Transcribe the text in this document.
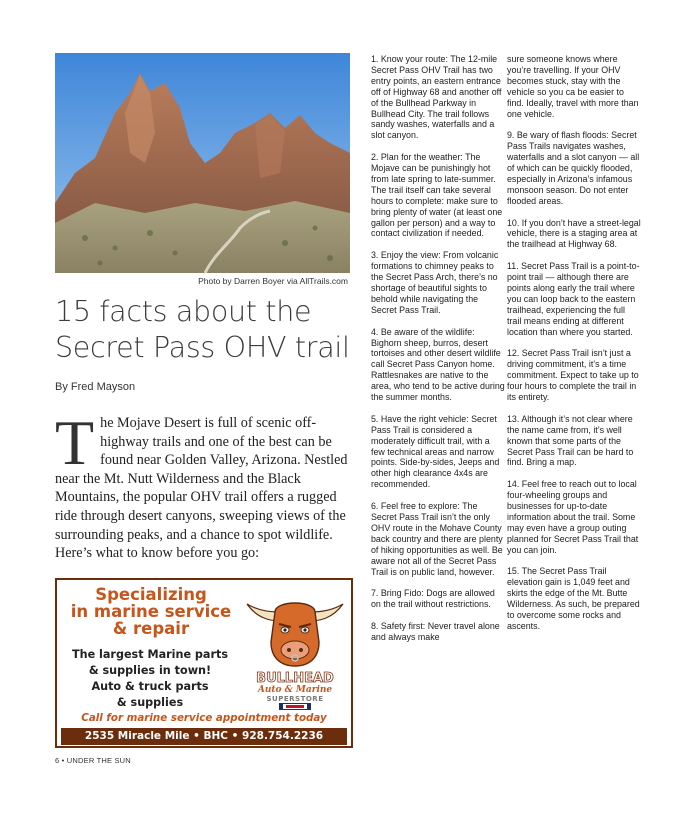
Photo by Darren Boyer via AllTrails.com
15 facts about the
Secret Pass OHV trail
By Fred Mayson
T he Mojave Desert is full of scenic off-highway trails and one of the best can be found near Golden Valley, Arizona. Nestled near the Mt. Nutt Wilderness and the Black Mountains, the popular OHV trail offers a rugged ride through desert canyons, sweeping views of the surrounding peaks, and a chance to spot wildlife. Here’s what to know before you go:
Specializing
in marine service
& repair
The largest Marine parts
& supplies in town!
Auto & truck parts
& supplies
BULLHEAD
Auto & Marine
SUPERSTORE
Call for marine service appointment today
2535 Miracle Mile • BHC • 928.754.2236
6 • UNDER THE SUN

1. Know your route: The 12-mile Secret Pass OHV Trail has two entry points, an eastern entrance off of Highway 68 and another off of the Bullhead Parkway in Bullhead City. The trail follows sandy washes, waterfalls and a slot canyon.

2. Plan for the weather: The Mojave can be punishingly hot from late spring to late-summer. The trail itself can take several hours to complete: make sure to bring plenty of water (at least one gallon per person) and a way to contact civilization if needed.

3. Enjoy the view: From volcanic formations to chimney peaks to the Secret Pass Arch, there’s no shortage of beautiful sights to behold while navigating the Secret Pass Trail.

4. Be aware of the wildlife: Bighorn sheep, burros, desert tortoises and other desert wildlife call Secret Pass Canyon home. Rattlesnakes are native to the area, who tend to be active during the summer months.

5. Have the right vehicle: Secret Pass Trail is considered a moderately difficult trail, with a few technical areas and narrow points. Side-by-sides, Jeeps and other high clearance 4x4s are recommended.

6. Feel free to explore: The Secret Pass Trail isn’t the only OHV route in the Mohave County back country and there are plenty of hiking opportunities as well. Be aware not all of the Secret Pass Trail is on public land, however.

7. Bring Fido: Dogs are allowed on the trail without restrictions.

8. Safety first: Never travel alone and always make

sure someone knows where you’re travelling. If your OHV becomes stuck, stay with the vehicle so you ca be easier to find. Ideally, travel with more than one vehicle.

9. Be wary of flash floods: Secret Pass Trails navigates washes, waterfalls and a slot canyon — all of which can be quickly flooded, especially in Arizona’s infamous monsoon season. Do not enter flooded areas.

10. If you don’t have a street-legal vehicle, there is a staging area at the trailhead at Highway 68.

11. Secret Pass Trail is a point-to-point trail — although there are points along early the trail where you can loop back to the eastern trailhead, experiencing the full trail means ending at different location than where you started.

12. Secret Pass Trail isn’t just a driving commitment, it’s a time commitment. Expect to take up to four hours to complete the trail in its entirety.

13. Although it’s not clear where the name came from, it’s well known that some parts of the Secret Pass Trail can be hard to find. Bring a map.

14. Feel free to reach out to local four-wheeling groups and businesses for up-to-date information about the trail. Some may even have a group outing planned for Secret Pass Trail that you can join.

15. The Secret Pass Trail elevation gain is 1,049 feet and skirts the edge of the Mt. Butte Wilderness. As such, be prepared to overcome some rocks and ascents.
